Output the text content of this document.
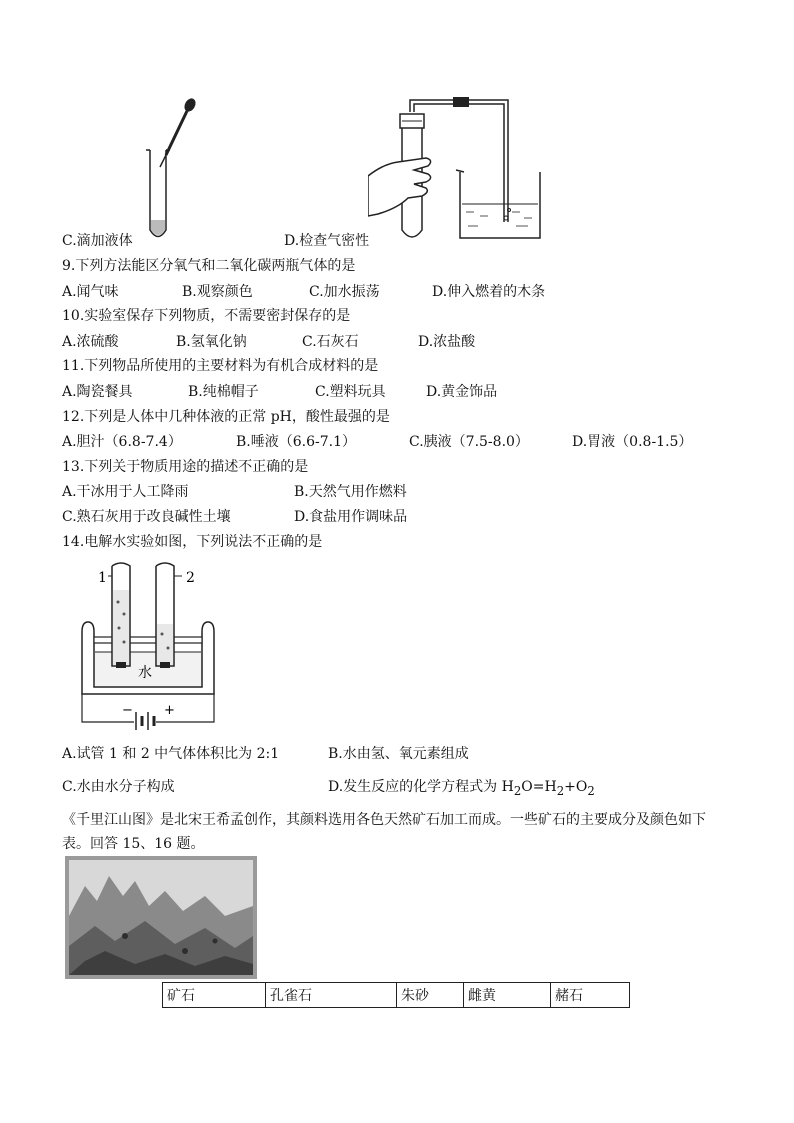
C.滴加液体	D.检查气密性
9.下列方法能区分氧气和二氧化碳两瓶气体的是
A.闻气味	B.观察颜色	C.加水振荡	D.伸入燃着的木条
10.实验室保存下列物质，不需要密封保存的是
A.浓硫酸	B.氢氧化钠	C.石灰石	D.浓盐酸
11.下列物品所使用的主要材料为有机合成材料的是
A.陶瓷餐具	B.纯棉帽子	C.塑料玩具	D.黄金饰品
12.下列是人体中几种体液的正常 pH，酸性最强的是
A.胆汁（6.8-7.4）	B.唾液（6.6-7.1）	C.胰液（7.5-8.0）	D.胃液（0.8-1.5）
13.下列关于物质用途的描述不正确的是
A.干冰用于人工降雨	B.天然气用作燃料
C.熟石灰用于改良碱性土壤	D.食盐用作调味品
14.电解水实验如图，下列说法不正确的是
1	2
水
− +
A.试管 1 和 2 中气体体积比为 2:1	B.水由氢、氧元素组成
C.水由水分子构成	D.发生反应的化学方程式为 $H_2O=H_2+O_2$
《千里江山图》是北宋王希孟创作，其颜料选用各色天然矿石加工而成。一些矿石的主要成分及颜色如下表。回答 15、16 题。
矿石	孔雀石	朱砂	雌黄	赭石
